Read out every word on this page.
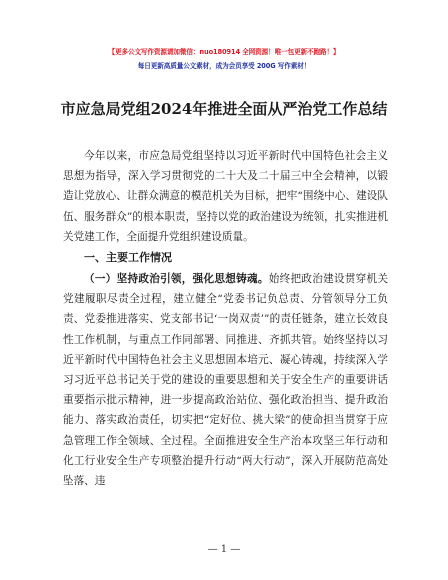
【更多公文写作资源请加微信：nuo180914 全网资源！唯一包更新不跑路！】
每日更新高质量公文素材，成为会员享受 200G 写作素材！
市应急局党组2024年推进全面从严治党工作总结

今年以来，市应急局党组坚持以习近平新时代中国特色社会主义思想为指导，深入学习贯彻党的二十大及二十届三中全会精神，以锻造让党放心、让群众满意的模范机关为目标，把牢“围绕中心、建设队伍、服务群众”的根本职责，坚持以党的政治建设为统领，扎实推进机关党建工作，全面提升党组织建设质量。

一、主要工作情况

（一）坚持政治引领，强化思想铸魂。始终把政治建设贯穿机关党建履职尽责全过程，建立健全“党委书记负总责、分管领导分工负责、党委推进落实、党支部书记‘一岗双责’”的责任链条，建立长效良性工作机制，与重点工作同部署、同推进、齐抓共管。始终坚持以习近平新时代中国特色社会主义思想固本培元、凝心铸魂，持续深入学习习近平总书记关于党的建设的重要思想和关于安全生产的重要讲话重要指示批示精神，进一步提高政治站位、强化政治担当、提升政治能力、落实政治责任，切实把“定好位、挑大梁”的使命担当贯穿于应急管理工作全领域、全过程。全面推进安全生产治本攻坚三年行动和化工行业安全生产专项整治提升行动“两大行动”，深入开展防范高处坠落、违

— 1 —
